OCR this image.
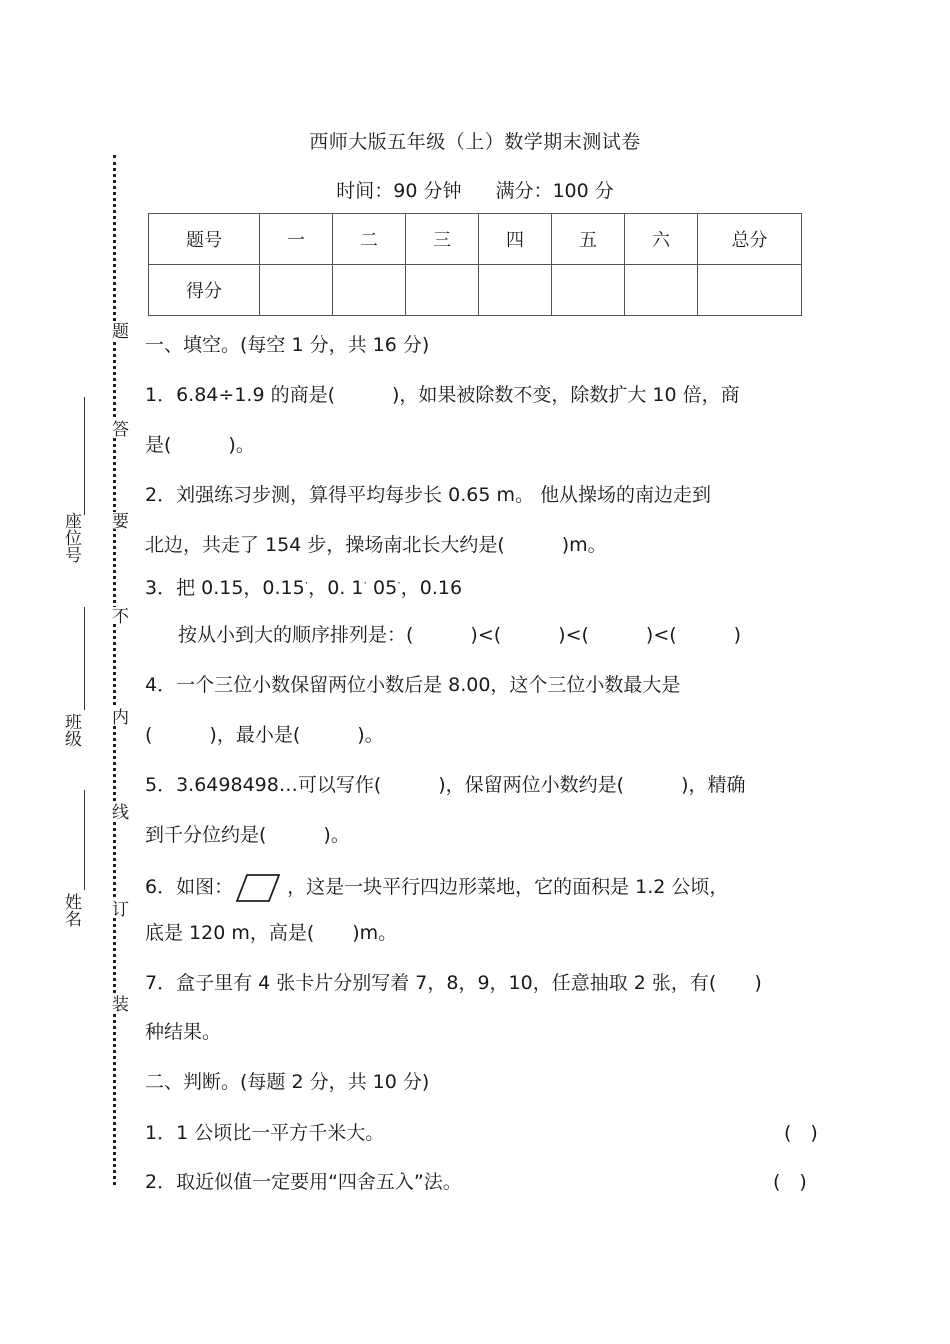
题
答
要
不
内
线
订
装
座位号
班级
姓名
西师大版五年级（上）数学期末测试卷
时间：90 分钟 满分：100 分
题号	一	二	三	四	五	六	总分
得分							
一、填空。(每空 1 分，共 16 分)
1．6.84÷1.9 的商是(　　　)，如果被除数不变，除数扩大 10 倍，商
是(　　　)。
2．刘强练习步测，算得平均每步长 0.65 m。 他从操场的南边走到
北边，共走了 154 步，操场南北长大约是(　　　)m。
3．把 0.15，0.15·，0. 1· 05·，0.16
按从小到大的顺序排列是：(　　　)<(　　　)<(　　　)<(　　　)
4．一个三位小数保留两位小数后是 8.00，这个三位小数最大是
(　　　)，最小是(　　　)。
5．3.6498498…可以写作(　　　)，保留两位小数约是(　　　)，精确
到千分位约是(　　　)。
6．如图：	，这是一块平行四边形菜地，它的面积是 1.2 公顷，
底是 120 m，高是(　　)m。
7．盒子里有 4 张卡片分别写着 7，8，9，10，任意抽取 2 张，有(　　)
种结果。
二、判断。(每题 2 分，共 10 分)
1．1 公顷比一平方千米大。	(　)
2．取近似值一定要用“四舍五入”法。	(　)
